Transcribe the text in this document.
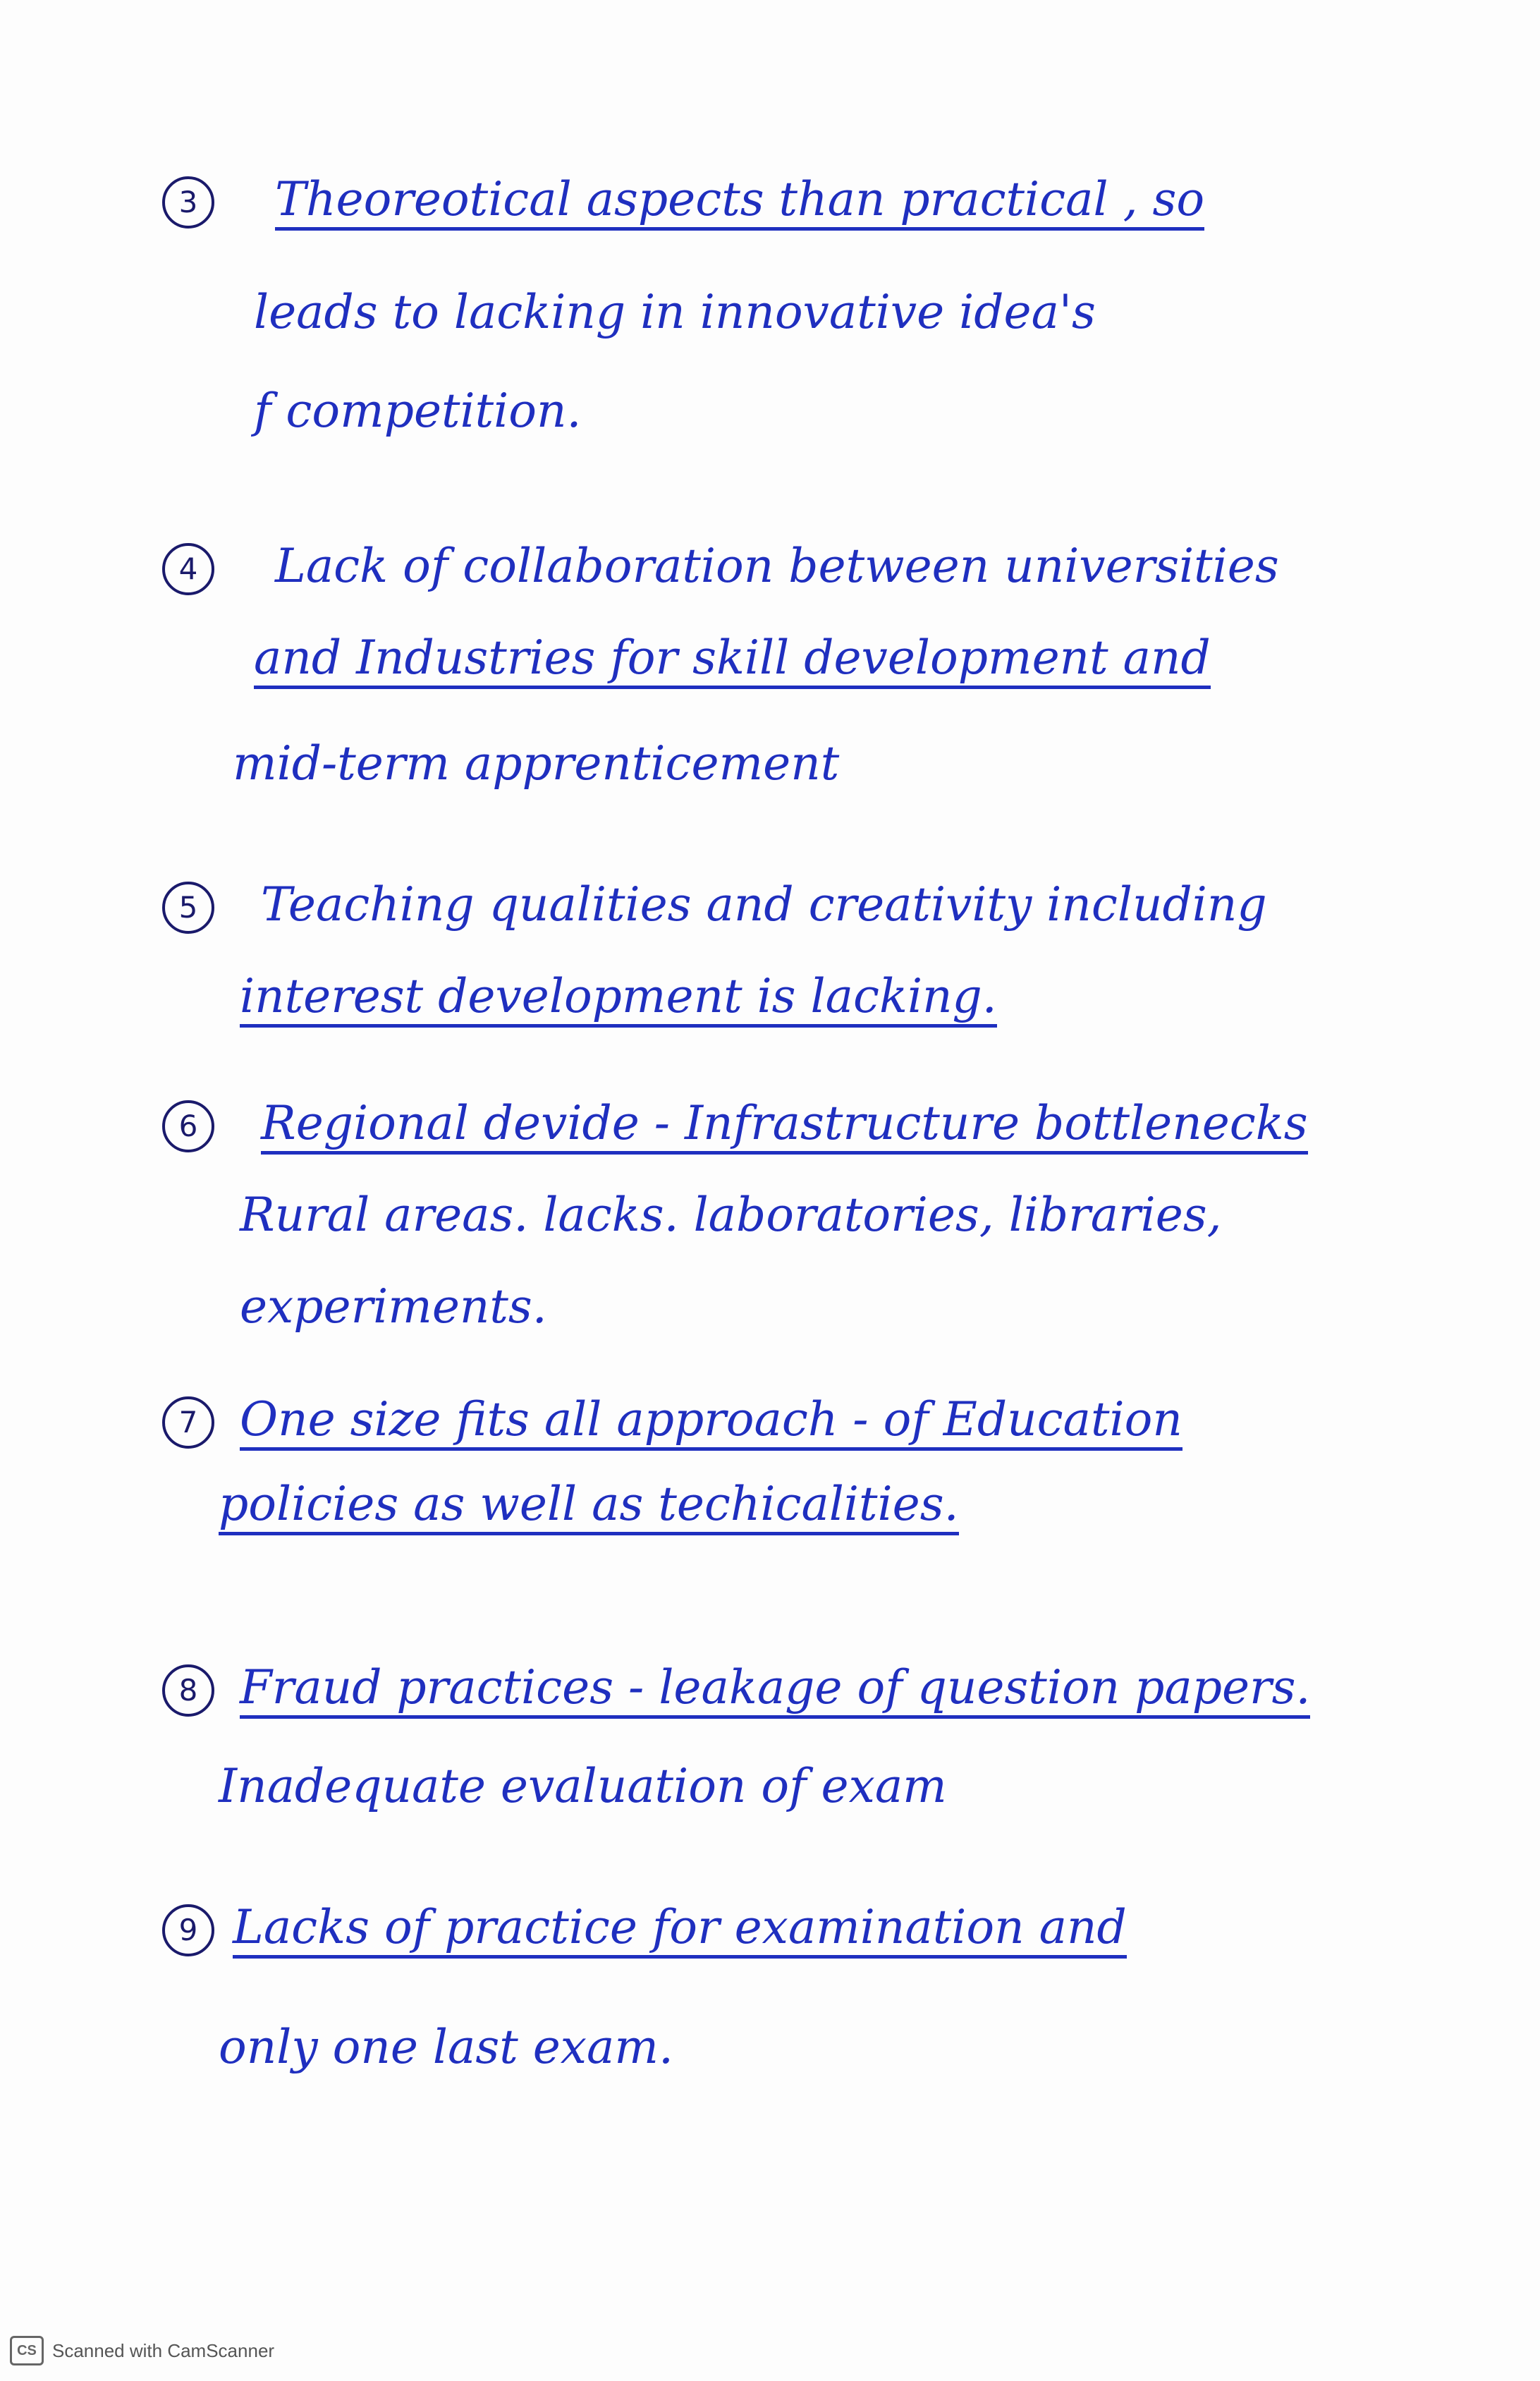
3	Theoreotical aspects than practical , so
leads to lacking in innovative idea's
f competition.
4	Lack of collaboration between universities
and Industries for skill development and
mid-term apprenticement
5	Teaching qualities and creativity including
interest development is lacking.
6	Regional devide - Infrastructure bottlenecks
Rural areas. lacks. laboratories, libraries,
experiments.
7 One size fits all approach - of Education
policies as well as techicalities.
8 Fraud practices - leakage of question papers.
Inadequate evaluation of exam
9 Lacks of practice for examination and
only one last exam.
CS Scanned with CamScanner
